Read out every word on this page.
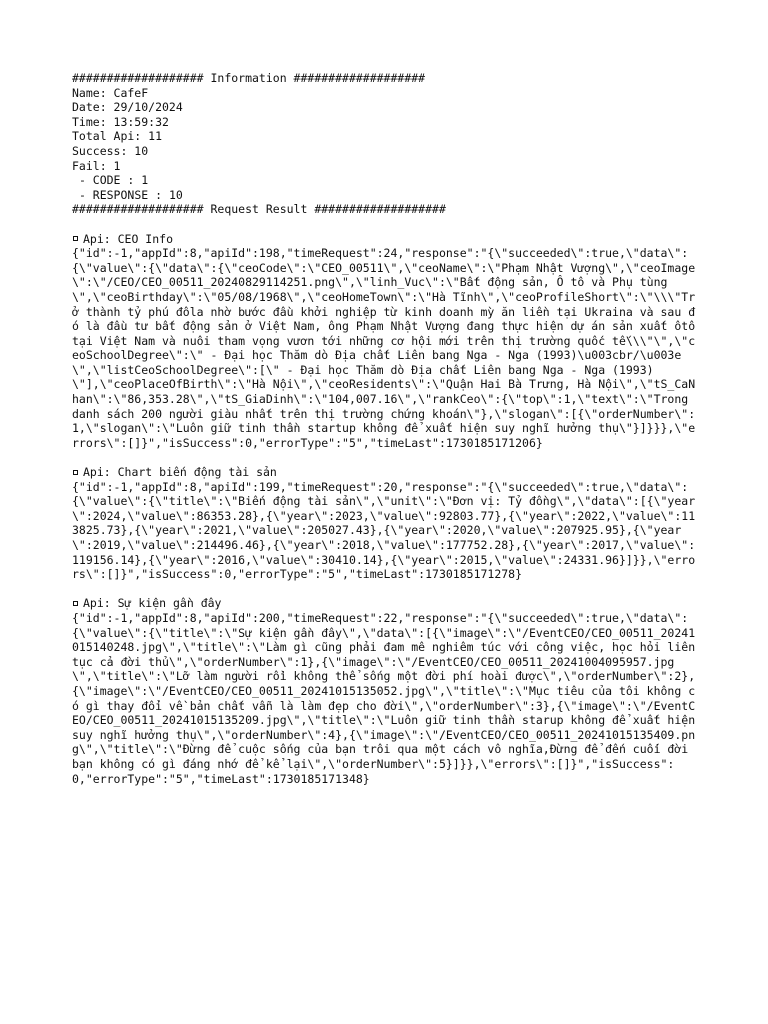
################### Information ###################
Name: CafeF
Date: 29/10/2024
Time: 13:59:32
Total Api: 11
Success: 10
Fail: 1
- CODE : 1
- RESPONSE : 10
################### Request Result ###################
Api: CEO Info
{"id":-1,"appId":8,"apiId":198,"timeRequest":24,"response":"{\"succeeded\":true,\"data\":{\"value\":{\"data\":{\"ceoCode\":\"CEO_00511\",\"ceoName\":\"Phạm Nhật Vượng\",\"ceoImage\":\"/CEO/CEO_00511_20240829114251.png\",\"linh_Vuc\":\"Bất động sản, Ô tô và Phụ tùng\",\"ceoBirthday\":\"05/08/1968\",\"ceoHomeTown\":\"Hà Tĩnh\",\"ceoProfileShort\":\"\\\"Trở thành tỷ phú đôla nhờ bước đầu khởi nghiệp từ kinh doanh mỳ ăn liền tại Ukraina và sau đó là đầu tư bất động sản ở Việt Nam, ông Phạm Nhật Vượng đang thực hiện dự án sản xuất ôtô tại Việt Nam và nuôi tham vọng vươn tới những cơ hội mới trên thị trường quốc tế\\\"\",\"ceoSchoolDegree\":\" - Đại học Thăm dò Địa chất Liên bang Nga - Nga (1993)\u003cbr/\u003e\",\"listCeoSchoolDegree\":[\" - Đại học Thăm dò Địa chất Liên bang Nga - Nga (1993)\"],\"ceoPlaceOfBirth\":\"Hà Nội\",\"ceoResidents\":\"Quận Hai Bà Trưng, Hà Nội\",\"tS_CaNhan\":\"86,353.28\",\"tS_GiaDinh\":\"104,007.16\",\"rankCeo\":{\"top\":1,\"text\":\"Trong danh sách 200 người giàu nhất trên thị trường chứng khoán\"},\"slogan\":[{\"orderNumber\":1,\"slogan\":\"Luôn giữ tinh thần startup không để xuất hiện suy nghĩ hưởng thụ\"}]}}},\"errors\":[]}","isSuccess":0,"errorType":"5","timeLast":1730185171206}
Api: Chart biến động tài sản
{"id":-1,"appId":8,"apiId":199,"timeRequest":20,"response":"{\"succeeded\":true,\"data\":{\"value\":{\"title\":\"Biến động tài sản\",\"unit\":\"Đơn vị: Tỷ đồng\",\"data\":[{\"year\":2024,\"value\":86353.28},{\"year\":2023,\"value\":92803.77},{\"year\":2022,\"value\":113825.73},{\"year\":2021,\"value\":205027.43},{\"year\":2020,\"value\":207925.95},{\"year\":2019,\"value\":214496.46},{\"year\":2018,\"value\":177752.28},{\"year\":2017,\"value\":119156.14},{\"year\":2016,\"value\":30410.14},{\"year\":2015,\"value\":24331.96}]}},\"errors\":[]}","isSuccess":0,"errorType":"5","timeLast":1730185171278}
Api: Sự kiện gần đây
{"id":-1,"appId":8,"apiId":200,"timeRequest":22,"response":"{\"succeeded\":true,\"data\":{\"value\":{\"title\":\"Sự kiện gần đây\",\"data\":[{\"image\":\"/EventCEO/CEO_00511_20241015140248.jpg\",\"title\":\"Làm gì cũng phải đam mê nghiêm túc với công việc, học hỏi liên tục cả đời thủ\",\"orderNumber\":1},{\"image\":\"/EventCEO/CEO_00511_20241004095957.jpg\",\"title\":\"Lỡ làm người rồi không thể sống một đời phí hoài được\",\"orderNumber\":2},{\"image\":\"/EventCEO/CEO_00511_20241015135052.jpg\",\"title\":\"Mục tiêu của tôi không có gì thay đổi về bản chất vẫn là làm đẹp cho đời\",\"orderNumber\":3},{\"image\":\"/EventCEO/CEO_00511_20241015135209.jpg\",\"title\":\"Luôn giữ tinh thần starup không để xuất hiện suy nghĩ hưởng thụ\",\"orderNumber\":4},{\"image\":\"/EventCEO/CEO_00511_20241015135409.png\",\"title\":\"Đừng để cuộc sống của bạn trôi qua một cách vô nghĩa,Đừng để đến cuối đời bạn không có gì đáng nhớ để kể lại\",\"orderNumber\":5}]}},\"errors\":[]}","isSuccess":0,"errorType":"5","timeLast":1730185171348}
